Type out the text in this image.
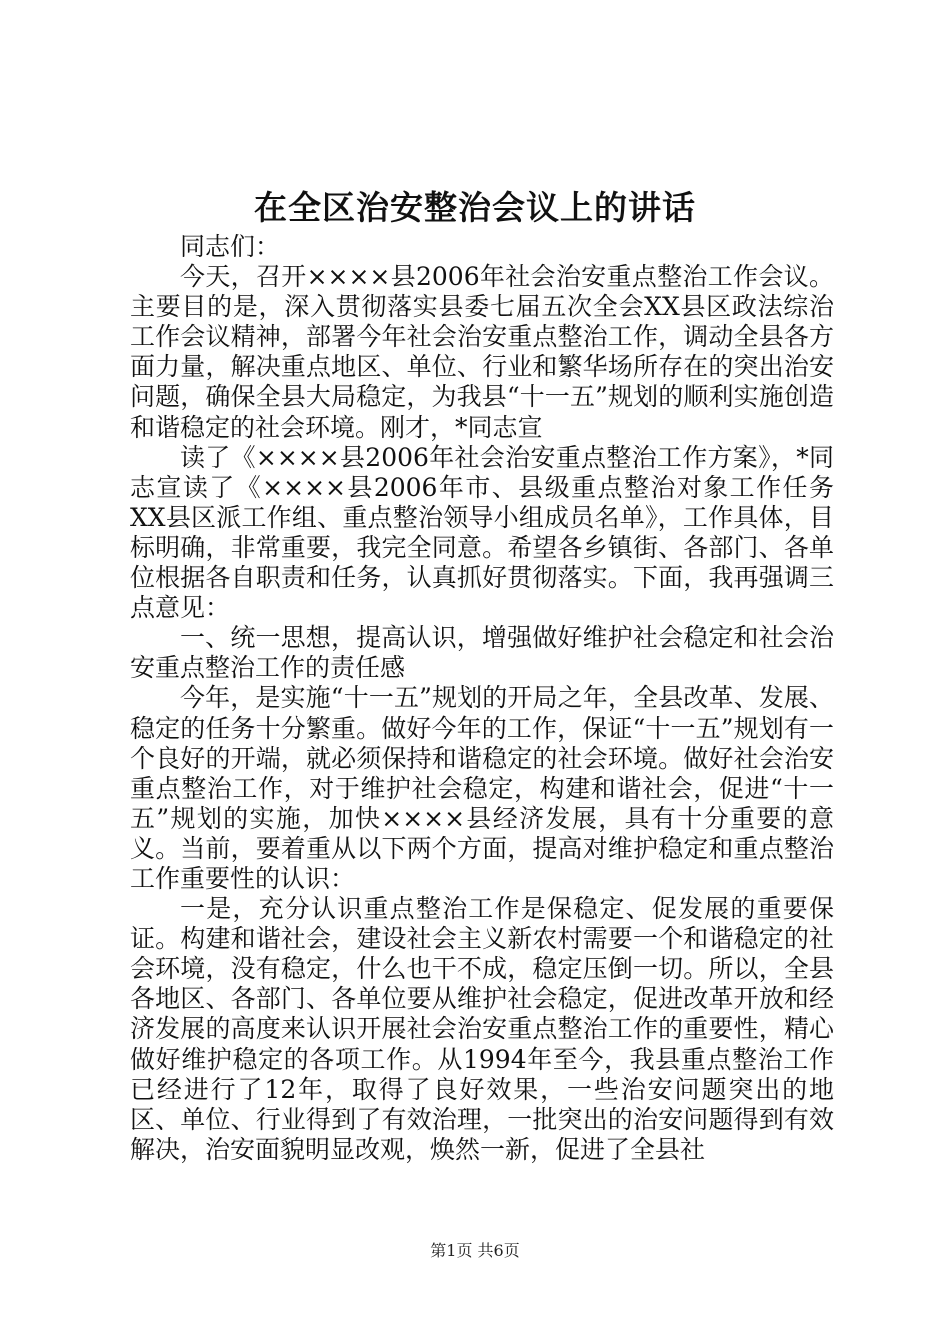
在全区治安整治会议上的讲话

同志们：

今天，召开××××县2006年社会治安重点整治工作会议。主要目的是，深入贯彻落实县委七届五次全会XX县区政法综治工作会议精神，部署今年社会治安重点整治工作，调动全县各方面力量，解决重点地区、单位、行业和繁华场所存在的突出治安问题，确保全县大局稳定，为我县“十一五”规划的顺利实施创造和谐稳定的社会环境。刚才，*同志宣

读了《××××县2006年社会治安重点整治工作方案》，*同志宣读了《××××县2006年市、县级重点整治对象工作任务XX县区派工作组、重点整治领导小组成员名单》，工作具体，目标明确，非常重要，我完全同意。希望各乡镇街、各部门、各单位根据各自职责和任务，认真抓好贯彻落实。下面，我再强调三点意见：

一、统一思想，提高认识，增强做好维护社会稳定和社会治安重点整治工作的责任感

今年，是实施“十一五”规划的开局之年，全县改革、发展、稳定的任务十分繁重。做好今年的工作，保证“十一五”规划有一个良好的开端，就必须保持和谐稳定的社会环境。做好社会治安重点整治工作，对于维护社会稳定，构建和谐社会，促进“十一五”规划的实施，加快××××县经济发展，具有十分重要的意义。当前，要着重从以下两个方面，提高对维护稳定和重点整治工作重要性的认识：

一是，充分认识重点整治工作是保稳定、促发展的重要保证。构建和谐社会，建设社会主义新农村需要一个和谐稳定的社会环境，没有稳定，什么也干不成，稳定压倒一切。所以，全县各地区、各部门、各单位要从维护社会稳定，促进改革开放和经济发展的高度来认识开展社会治安重点整治工作的重要性，精心做好维护稳定的各项工作。从1994年至今，我县重点整治工作已经进行了12年，取得了良好效果，一些治安问题突出的地区、单位、行业得到了有效治理，一批突出的治安问题得到有效解决，治安面貌明显改观，焕然一新，促进了全县社

第1页 共6页
